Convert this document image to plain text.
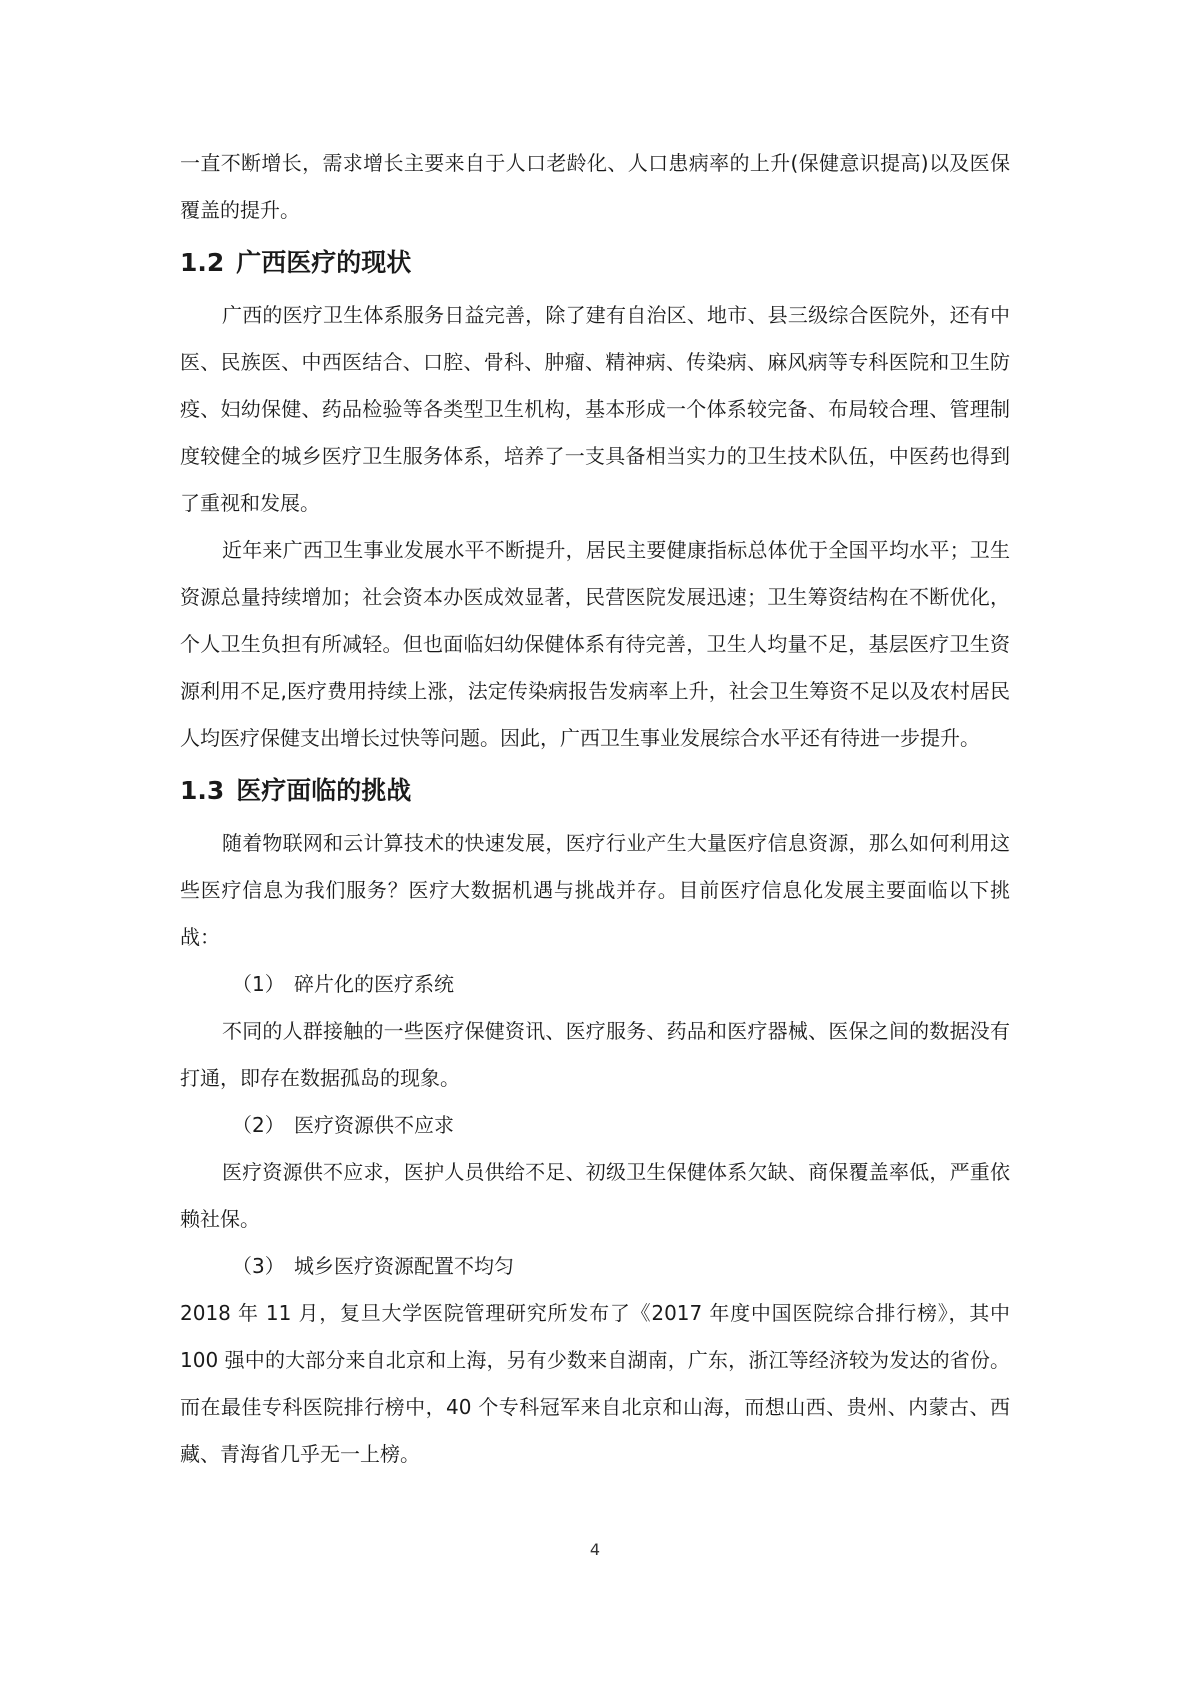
一直不断增长，需求增长主要来自于人口老龄化、人口患病率的上升(保健意识提高)以及医保覆盖的提升。

1.2 广西医疗的现状

广西的医疗卫生体系服务日益完善，除了建有自治区、地市、县三级综合医院外，还有中医、民族医、中西医结合、口腔、骨科、肿瘤、精神病、传染病、麻风病等专科医院和卫生防疫、妇幼保健、药品检验等各类型卫生机构，基本形成一个体系较完备、布局较合理、管理制度较健全的城乡医疗卫生服务体系，培养了一支具备相当实力的卫生技术队伍，中医药也得到了重视和发展。

近年来广西卫生事业发展水平不断提升，居民主要健康指标总体优于全国平均水平；卫生资源总量持续增加；社会资本办医成效显著，民营医院发展迅速；卫生筹资结构在不断优化，个人卫生负担有所减轻。但也面临妇幼保健体系有待完善，卫生人均量不足，基层医疗卫生资源利用不足,医疗费用持续上涨，法定传染病报告发病率上升，社会卫生筹资不足以及农村居民人均医疗保健支出增长过快等问题。因此，广西卫生事业发展综合水平还有待进一步提升。

1.3 医疗面临的挑战

随着物联网和云计算技术的快速发展，医疗行业产生大量医疗信息资源，那么如何利用这些医疗信息为我们服务？医疗大数据机遇与挑战并存。目前医疗信息化发展主要面临以下挑战：

（1） 碎片化的医疗系统

不同的人群接触的一些医疗保健资讯、医疗服务、药品和医疗器械、医保之间的数据没有打通，即存在数据孤岛的现象。

（2） 医疗资源供不应求

医疗资源供不应求，医护人员供给不足、初级卫生保健体系欠缺、商保覆盖率低，严重依赖社保。

（3） 城乡医疗资源配置不均匀

2018 年 11 月，复旦大学医院管理研究所发布了《2017 年度中国医院综合排行榜》，其中 100 强中的大部分来自北京和上海，另有少数来自湖南，广东，浙江等经济较为发达的省份。而在最佳专科医院排行榜中，40 个专科冠军来自北京和山海，而想山西、贵州、内蒙古、西藏、青海省几乎无一上榜。

4
